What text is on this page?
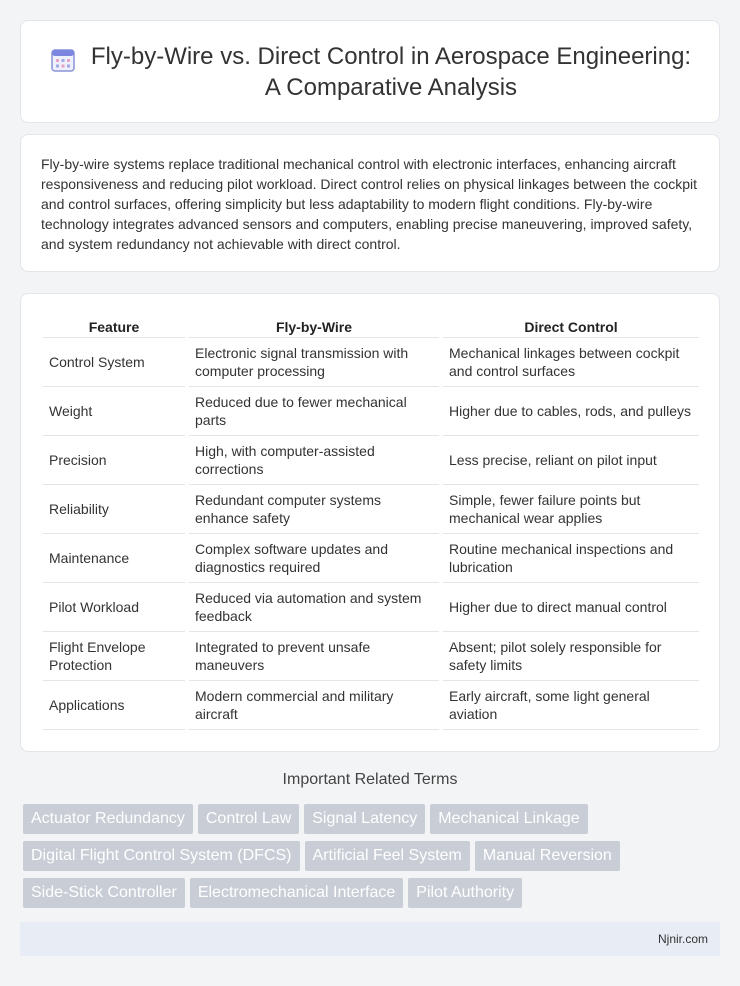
Fly-by-Wire vs. Direct Control in Aerospace Engineering:
A Comparative Analysis

Fly-by-wire systems replace traditional mechanical control with electronic interfaces, enhancing aircraft responsiveness and reducing pilot workload. Direct control relies on physical linkages between the cockpit and control surfaces, offering simplicity but less adaptability to modern flight conditions. Fly-by-wire technology integrates advanced sensors and computers, enabling precise maneuvering, improved safety, and system redundancy not achievable with direct control.

Feature		Fly-by-Wire		Direct Control
Control System		Electronic signal transmission with computer processing		Mechanical linkages between cockpit and control surfaces
Weight		Reduced due to fewer mechanical parts		Higher due to cables, rods, and pulleys
Precision		High, with computer-assisted corrections		Less precise, reliant on pilot input
Reliability		Redundant computer systems enhance safety		Simple, fewer failure points but mechanical wear applies
Maintenance		Complex software updates and diagnostics required		Routine mechanical inspections and lubrication
Pilot Workload		Reduced via automation and system feedback		Higher due to direct manual control
Flight Envelope Protection		Integrated to prevent unsafe maneuvers		Absent; pilot solely responsible for safety limits
Applications		Modern commercial and military aircraft		Early aircraft, some light general aviation
Important Related Terms
Actuator Redundancy	Control Law	Signal Latency	Mechanical Linkage
Digital Flight Control System (DFCS)	Artificial Feel System	Manual Reversion
Side-Stick Controller	Electromechanical Interface	Pilot Authority
Njnir.com
